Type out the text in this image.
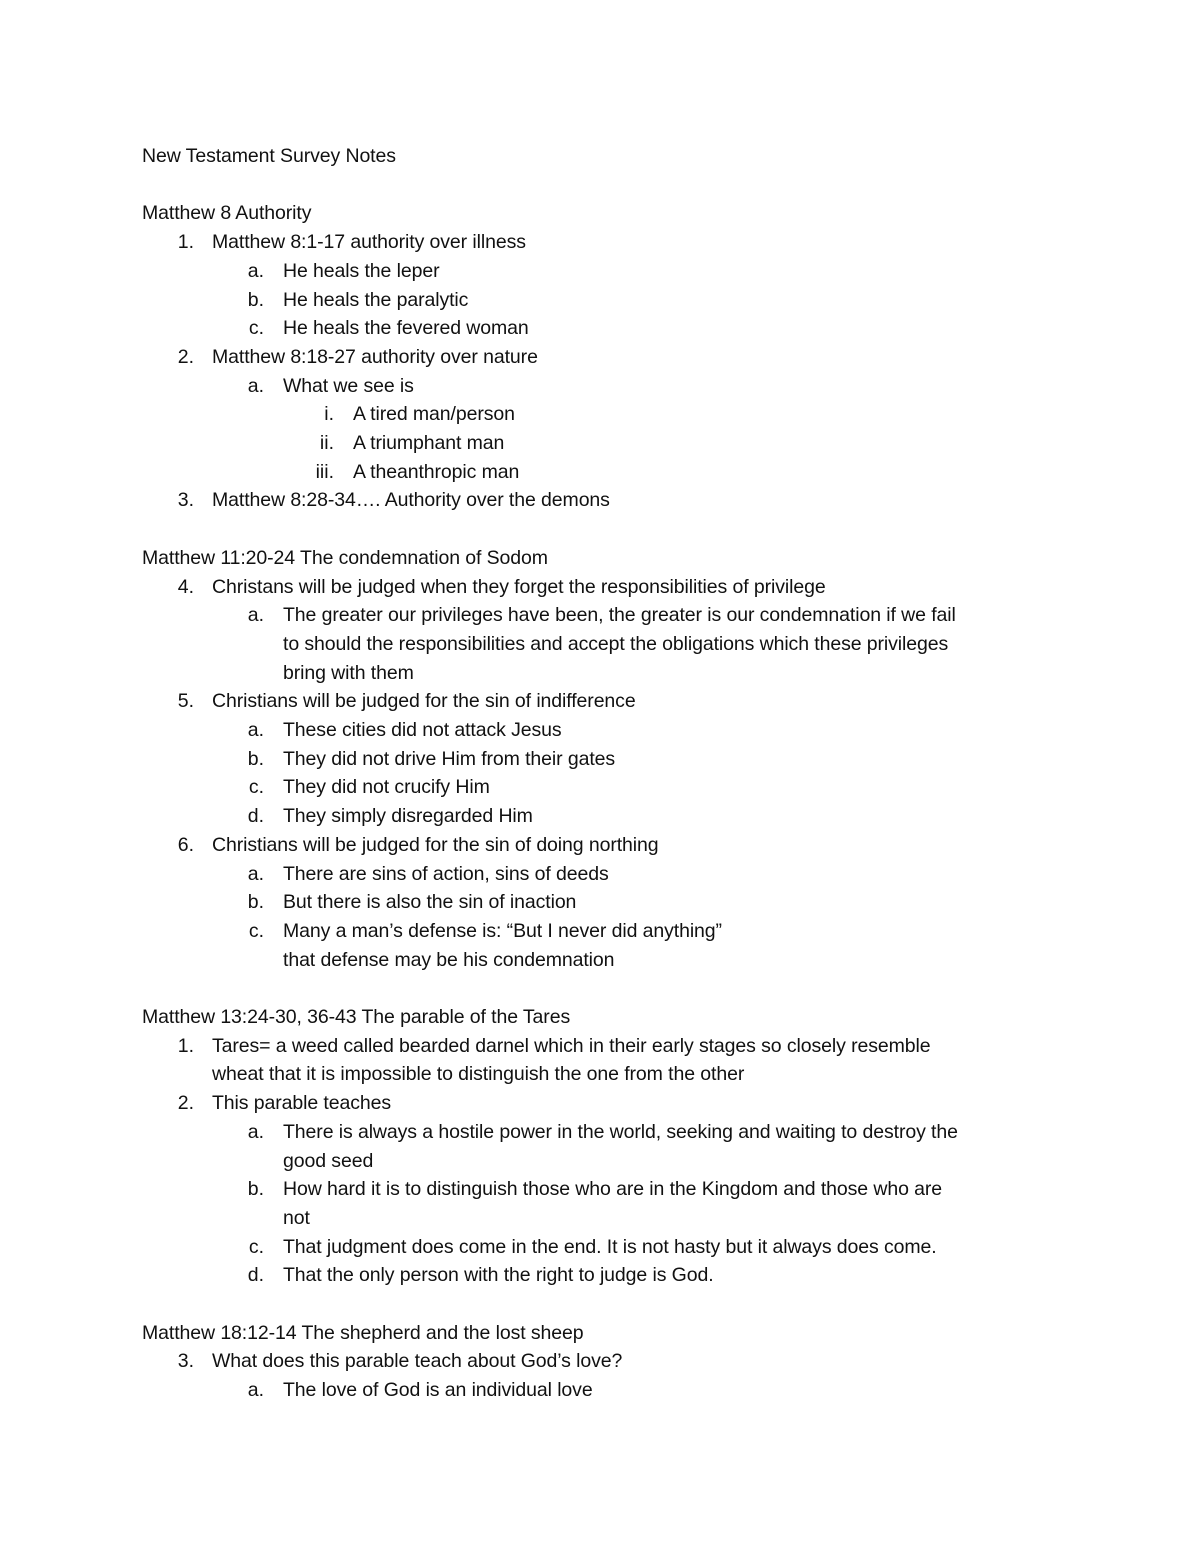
New Testament Survey Notes
Matthew 8 Authority
1. Matthew 8:1-17 authority over illness
a. He heals the leper
b. He heals the paralytic
c. He heals the fevered woman
2. Matthew 8:18-27 authority over nature
a. What we see is
i. A tired man/person
ii. A triumphant man
iii. A theanthropic man
3. Matthew 8:28-34…. Authority over the demons
Matthew 11:20-24 The condemnation of Sodom
4. Christans will be judged when they forget the responsibilities of privilege
a. The greater our privileges have been, the greater is our condemnation if we fail
to should the responsibilities and accept the obligations which these privileges
bring with them
5. Christians will be judged for the sin of indifference
a. These cities did not attack Jesus
b. They did not drive Him from their gates
c. They did not crucify Him
d. They simply disregarded Him
6. Christians will be judged for the sin of doing northing
a. There are sins of action, sins of deeds
b. But there is also the sin of inaction
c. Many a man’s defense is: “But I never did anything”
that defense may be his condemnation
Matthew 13:24-30, 36-43 The parable of the Tares
1. Tares= a weed called bearded darnel which in their early stages so closely resemble
wheat that it is impossible to distinguish the one from the other
2. This parable teaches
a. There is always a hostile power in the world, seeking and waiting to destroy the
good seed
b. How hard it is to distinguish those who are in the Kingdom and those who are
not
c. That judgment does come in the end. It is not hasty but it always does come.
d. That the only person with the right to judge is God.
Matthew 18:12-14 The shepherd and the lost sheep
3. What does this parable teach about God’s love?
a. The love of God is an individual love
